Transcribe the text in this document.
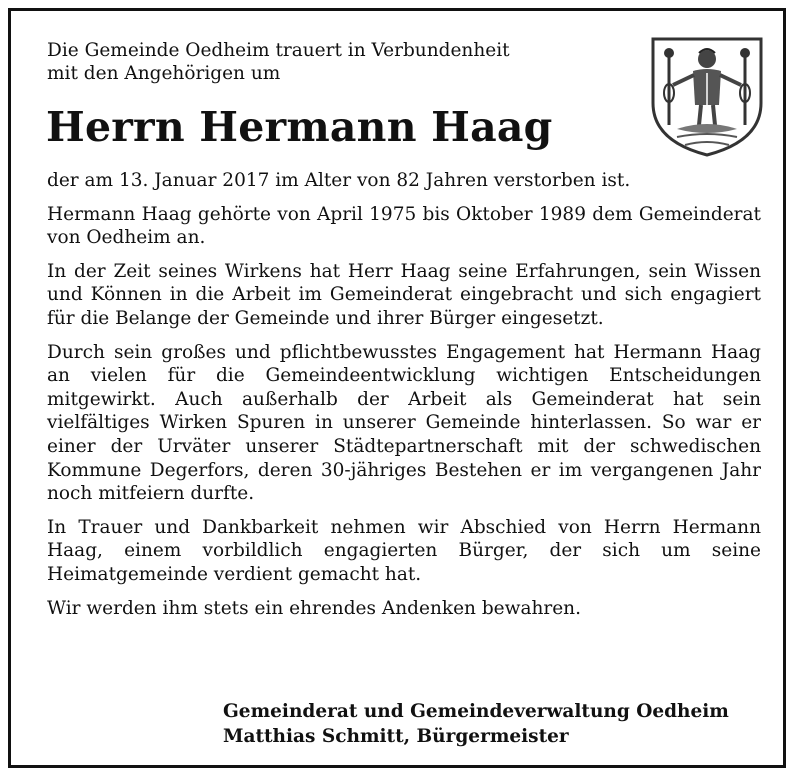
Die Gemeinde Oedheim trauert in Verbundenheit
mit den Angehörigen um
Herrn Hermann Haag

der am 13. Januar 2017 im Alter von 82 Jahren verstorben ist.

Hermann Haag gehörte von April 1975 bis Oktober 1989 dem Gemeinderat von Oedheim an.

In der Zeit seines Wirkens hat Herr Haag seine Erfahrungen, sein Wissen und Können in die Arbeit im Gemeinderat eingebracht und sich engagiert für die Belange der Gemeinde und ihrer Bürger eingesetzt.

Durch sein großes und pflichtbewusstes Engagement hat Hermann Haag an vielen für die Gemeindeentwicklung wichtigen Entscheidungen mitgewirkt. Auch außerhalb der Arbeit als Gemeinderat hat sein vielfältiges Wirken Spuren in unserer Gemeinde hinterlassen. So war er einer der Urväter unserer Städtepartnerschaft mit der schwedischen Kommune Degerfors, deren 30-jähriges Bestehen er im vergangenen Jahr noch mitfeiern durfte.

In Trauer und Dankbarkeit nehmen wir Abschied von Herrn Hermann Haag, einem vorbildlich engagierten Bürger, der sich um seine Heimatgemeinde verdient gemacht hat.

Wir werden ihm stets ein ehrendes Andenken bewahren.

Gemeinderat und Gemeindeverwaltung Oedheim
Matthias Schmitt, Bürgermeister
